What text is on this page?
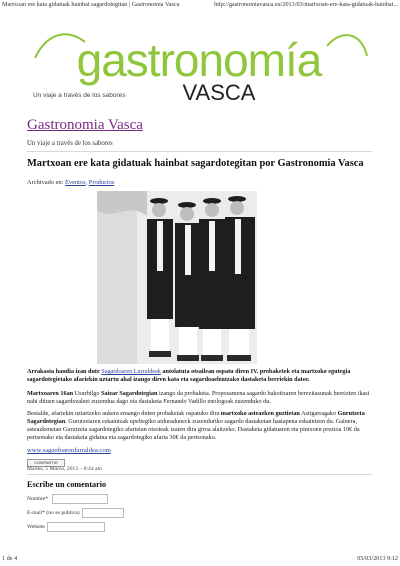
Martxoan ere kata gidatuak hainbat sagardotegitan | Gastronomia Vasca	http://gastronomiavasca.eu/2013/03/martxoan-ere-kata-gidatuak-hainbat...
gastronomía
VASCA
Un viaje a través de los sabores
Gastronomia Vasca
Un viaje a través de los sabores
Martxoan ere kata gidatuak hainbat sagardotegitan por Gastronomia Vasca
Archivado en: Eventos, Productos
Arrakasta handia izan dute Sagardoaren Lurraldeak antolatuta otsailean ospatu diren IV. probaketek eta martxoko egutegia sagardotegietako afariekin uztartu ahal izango diren kata eta sagardoaelentzako dastaketa berriekin dator.
Martxoaren 16an Usurbilgo Saizar Sagardotegian izango da probaketa. Proposamena sagardo bakoitzaren berezitasunak bereizten ikasi nahi dituen sagardozaleei zuzendua dago eta dastaketa Fernando Vadillo enologoak zuzenduko du.
Bestalde, afariekin uztartzeko aukera emango duten probaketak ospatuko dira martxoko asteazken guztietan Astigarragako Gurutzeta Sagardotegian. Gurutzetaren eskaintzak upeltegiko aiduraduneck zuzenduriko sagardo dastaketan hastapena eskaintzen du. Gainera, asteazkenetan Gurutzeta sagardotegiko afarietan otsoteak izaten dira giroa alaitzeko. Dastaketa gidatuaren eta pintxoen prezioa 10€ da pertsonako eta dastaketa gidatua eta sagardotegiko afaria 30€ da pertsonako.
www.sagardoarenlurraldea.com
COMPARTIR
Martes, 5 Marzo, 2013 – 8:44 am
Escribe un comentario
Nombre*
E-mail* (no se publica)
Website
1 de 4	05/03/2013 9:12
